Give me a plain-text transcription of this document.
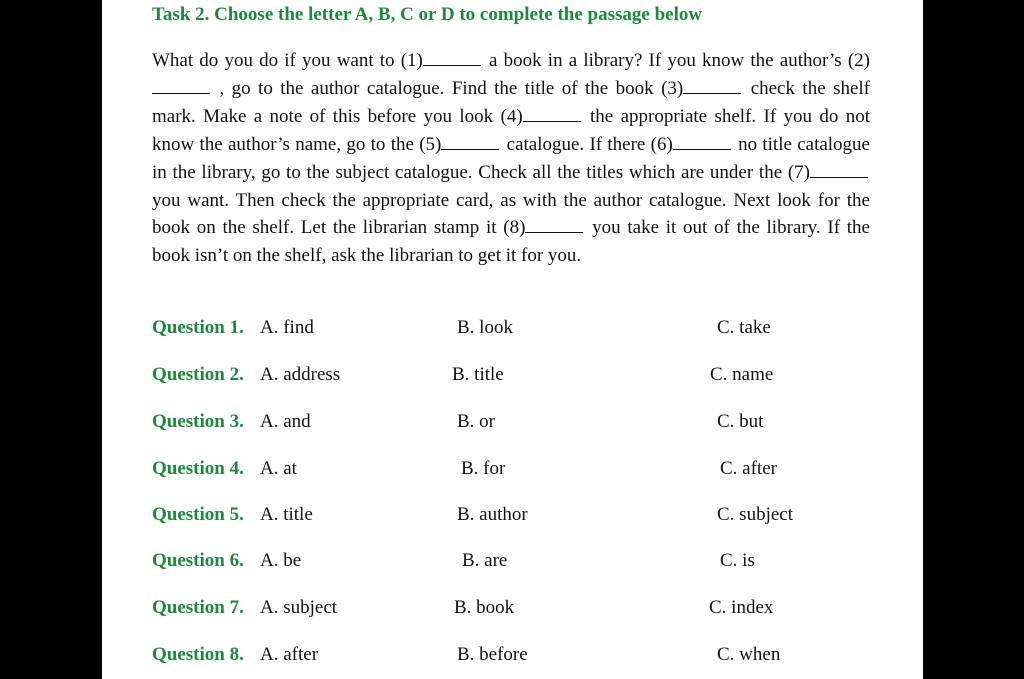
Task 2. Choose the letter A, B, C or D to complete the passage below
What do you do if you want to (1)	a book in a library? If you know the author’s (2) , go to the author catalogue. Find the title of the book (3)	check the shelf mark. Make a note of this before you look (4)	the appropriate shelf. If you do not know the author’s name, go to the (5)	catalogue. If there (6)	no title catalogue in the library, go to the subject catalogue. Check all the titles which are under the (7) you want. Then check the appropriate card, as with the author catalogue. Next look for the book on the shelf. Let the librarian stamp it (8)	you take it out of the library. If the book isn’t on the shelf, ask the librarian to get it for you.
Question 1. A. find	B. look	C. take
Question 2. A. address	B. title	C. name
Question 3. A. and	B. or	C. but
Question 4. A. at	B. for	C. after
Question 5. A. title	B. author	C. subject
Question 6. A. be	B. are	C. is
Question 7. A. subject	B. book	C. index
Question 8. A. after	B. before	C. when
